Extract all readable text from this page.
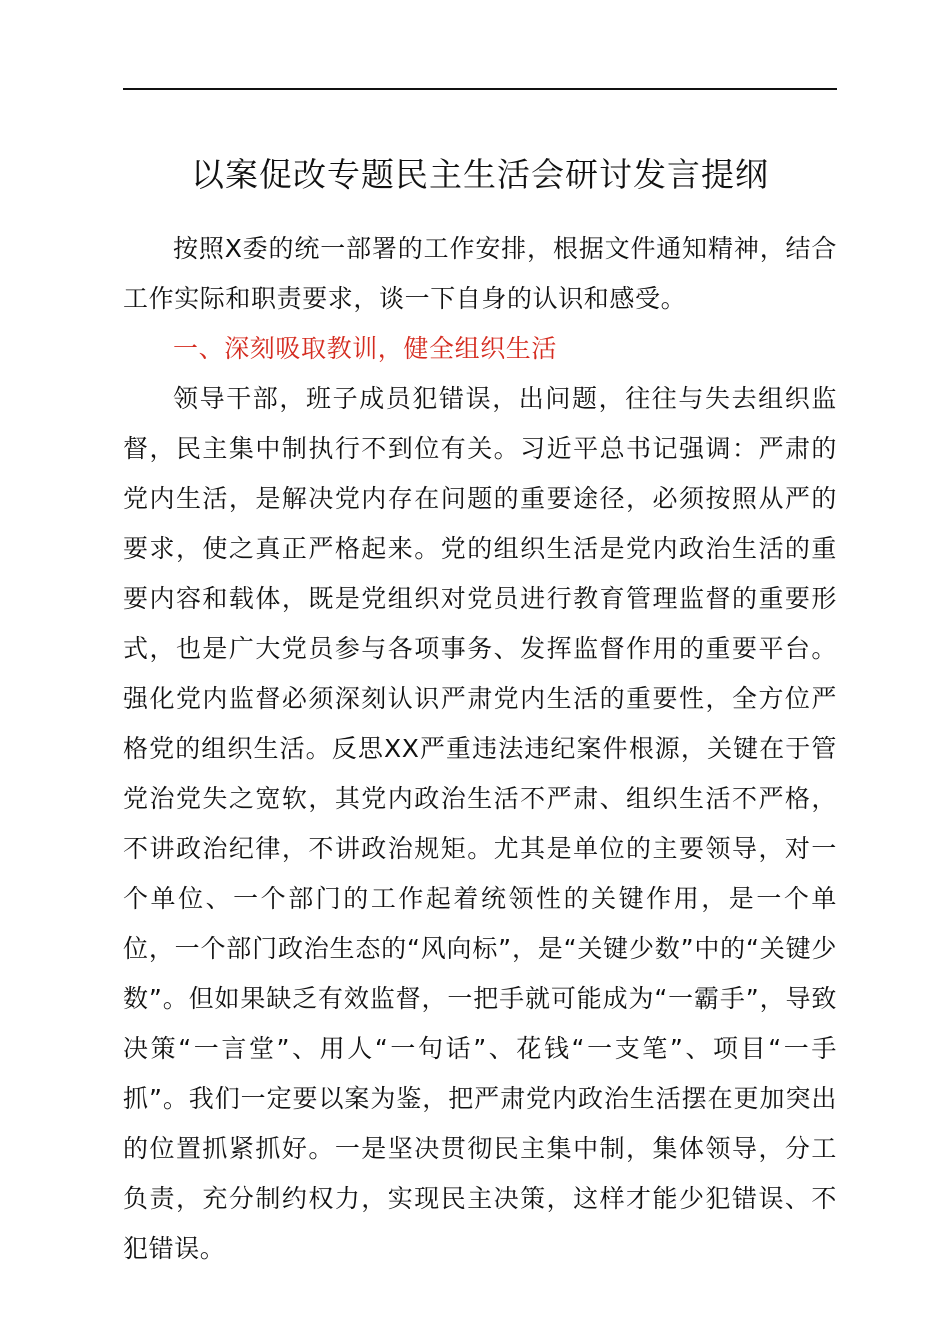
以案促改专题民主生活会研讨发言提纲
按照X委的统一部署的工作安排，根据文件通知精神，结合工作实际和职责要求，谈一下自身的认识和感受。
一、深刻吸取教训，健全组织生活
领导干部，班子成员犯错误，出问题，往往与失去组织监督，民主集中制执行不到位有关。习近平总书记强调：严肃的党内生活，是解决党内存在问题的重要途径，必须按照从严的要求，使之真正严格起来。党的组织生活是党内政治生活的重要内容和载体，既是党组织对党员进行教育管理监督的重要形式，也是广大党员参与各项事务、发挥监督作用的重要平台。强化党内监督必须深刻认识严肃党内生活的重要性，全方位严格党的组织生活。反思XX严重违法违纪案件根源，关键在于管党治党失之宽软，其党内政治生活不严肃、组织生活不严格，不讲政治纪律，不讲政治规矩。尤其是单位的主要领导，对一个单位、一个部门的工作起着统领性的关键作用，是一个单位，一个部门政治生态的“风向标”，是“关键少数”中的“关键少数”。但如果缺乏有效监督，一把手就可能成为“一霸手”，导致决策“一言堂”、用人“一句话”、花钱“一支笔”、项目“一手抓”。我们一定要以案为鉴，把严肃党内政治生活摆在更加突出的位置抓紧抓好。一是坚决贯彻民主集中制，集体领导，分工负责，充分制约权力，实现民主决策，这样才能少犯错误、不犯错误。
